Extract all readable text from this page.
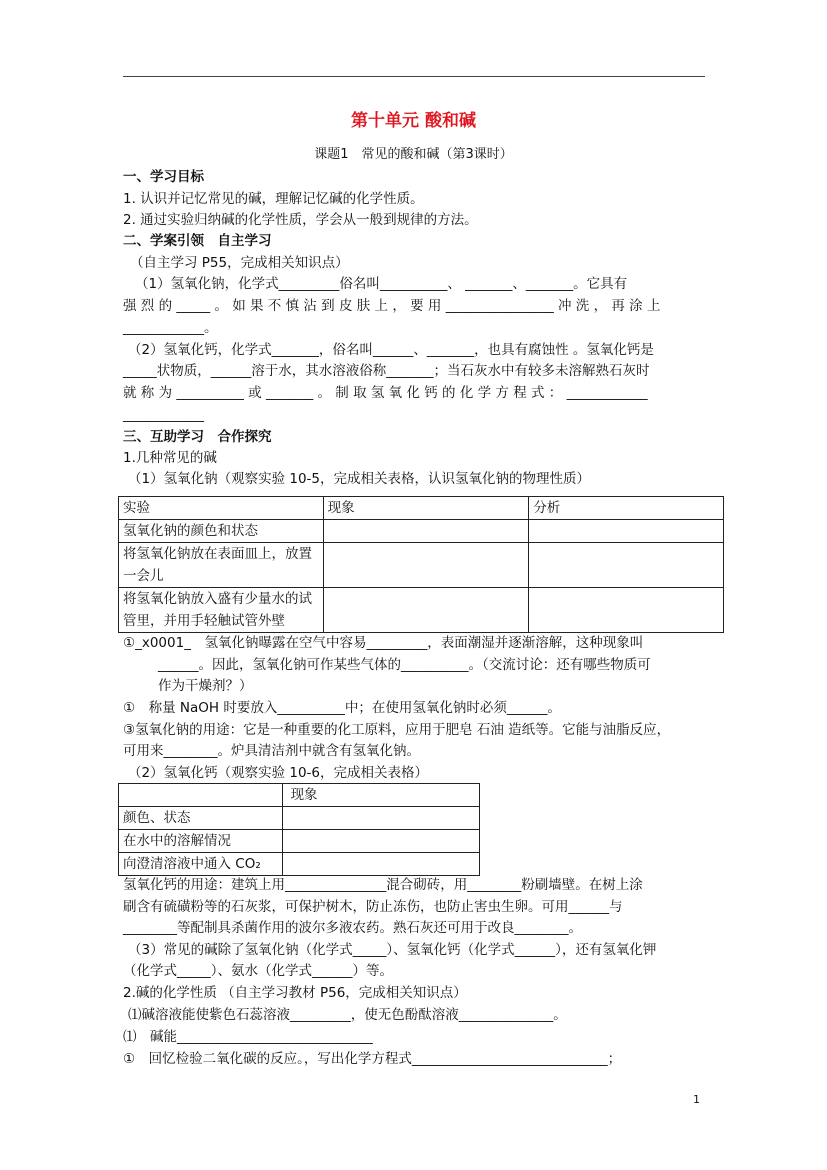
第十单元 酸和碱
课题1　常见的酸和碱（第3课时）
一、学习目标
1. 认识并记忆常见的碱，理解记忆碱的化学性质。
2. 通过实验归纳碱的化学性质，学会从一般到规律的方法。
二、学案引领　自主学习
（自主学习 P55，完成相关知识点）
（1）氢氧化钠，化学式_________俗名叫__________、 _______、_______。它具有
强 烈 的 _____ 。 如 果 不 慎 沾 到 皮 肤 上 ， 要 用 ________________ 冲 洗 ， 再 涂 上
____________。
（2）氢氧化钙，化学式_______，俗名叫______、_______，也具有腐蚀性 。氢氧化钙是
_____状物质，______溶于水，其水溶液俗称_______；当石灰水中有较多未溶解熟石灰时
就 称 为 __________ 或 _______ 。 制 取 氢 氧 化 钙 的 化 学 方 程 式 ： ____________
____________
三、互助学习　合作探究
1.几种常见的碱
（1）氢氧化钠（观察实验 10-5，完成相关表格，认识氢氧化钠的物理性质）
实验	现象	分析
氢氧化钠的颜色和状态		
将氢氧化钠放在表面皿上，放置一会儿		
将氢氧化钠放入盛有少量水的试管里，并用手轻触试管外壁		
①_x0001_　氢氧化钠曝露在空气中容易_________，表面潮湿并逐渐溶解，这种现象叫
______。因此，氢氧化钠可作某些气体的__________。（交流讨论：还有哪些物质可
作为干燥剂？）
①　称量 NaOH 时要放入__________中；在使用氢氧化钠时必须______。
③氢氧化钠的用途：它是一种重要的化工原料，应用于肥皂 石油 造纸等。它能与油脂反应，
可用来________。炉具清洁剂中就含有氢氧化钠。
（2）氢氧化钙（观察实验 10-6，完成相关表格）
	现象
颜色、状态	
在水中的溶解情况	
向澄清溶液中通入 CO₂	
氢氧化钙的用途：建筑上用_______________混合砌砖，用________粉刷墙壁。在树上涂
刷含有硫磺粉等的石灰浆，可保护树木，防止冻伤，也防止害虫生卵。可用______与
________等配制具杀菌作用的波尔多液农药。熟石灰还可用于改良________。
（3）常见的碱除了氢氧化钠（化学式_____）、氢氧化钙（化学式______），还有氢氧化钾
（化学式_____）、氨水（化学式______）等。
2.碱的化学性质 （自主学习教材 P56，完成相关知识点）
⑴碱溶液能使紫色石蕊溶液_________，使无色酚酞溶液______________。
⑴　碱能_____________________________
①　回忆检验二氧化碳的反应。，写出化学方程式_____________________________；
1
